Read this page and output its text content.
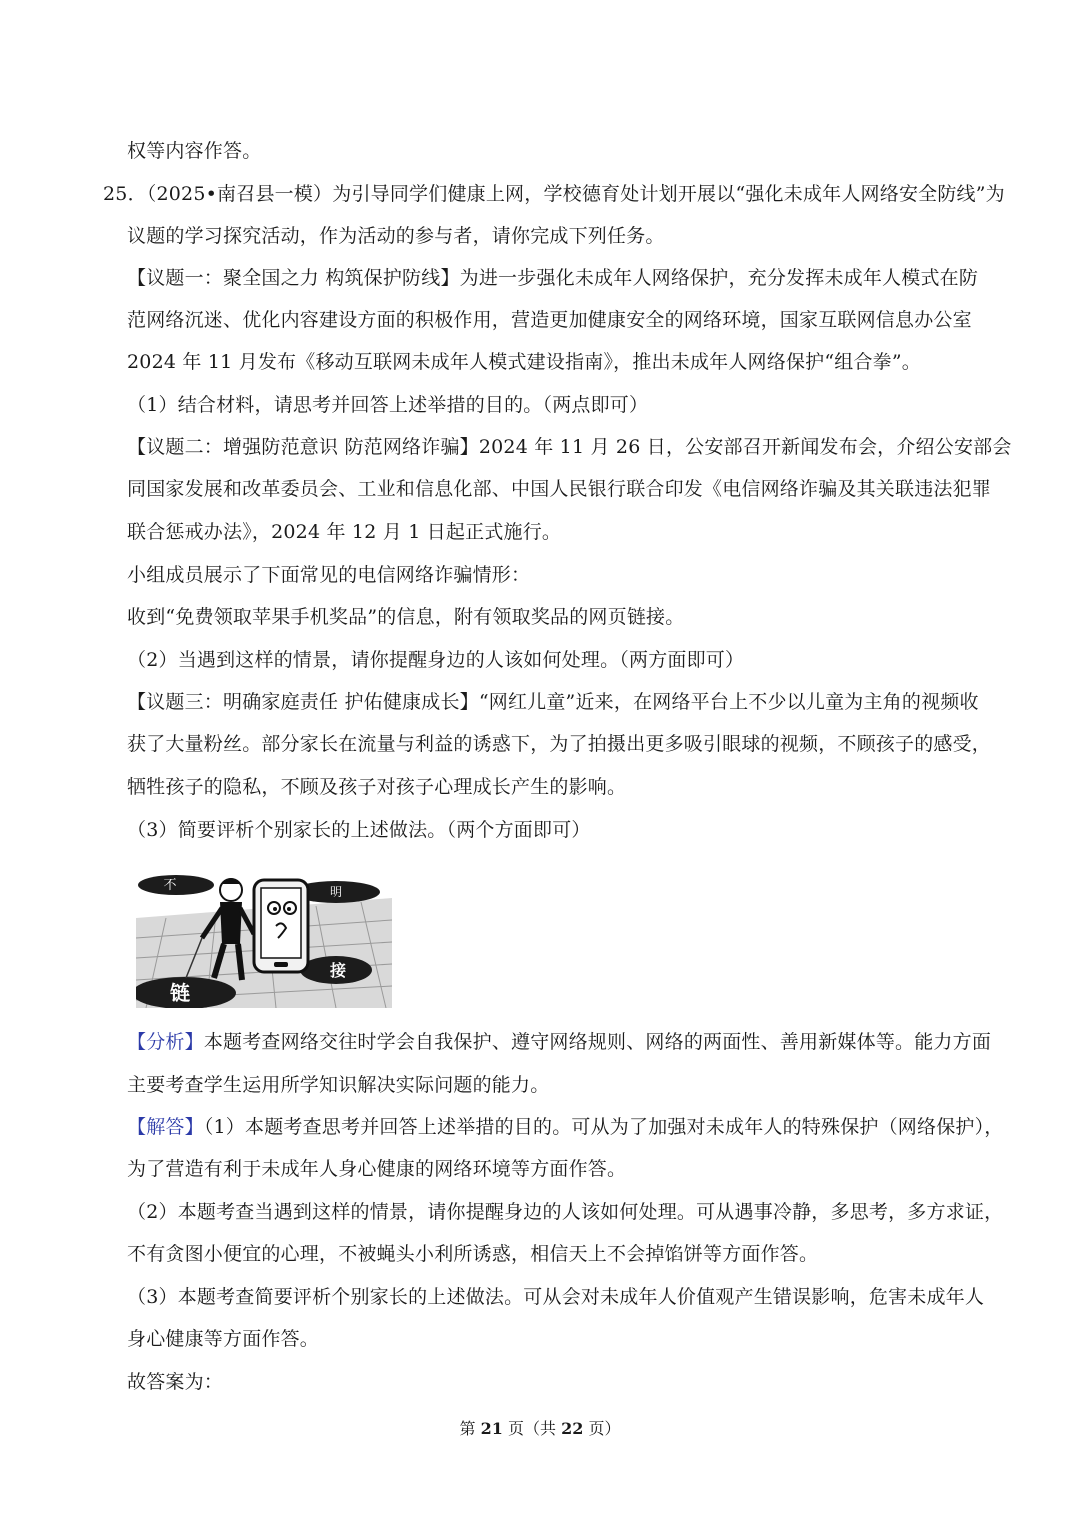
权等内容作答。
25．（2025•南召县一模）为引导同学们健康上网，学校德育处计划开展以“强化未成年人网络安全防线”为
议题的学习探究活动，作为活动的参与者，请你完成下列任务。
【议题一：聚全国之力 构筑保护防线】为进一步强化未成年人网络保护，充分发挥未成年人模式在防
范网络沉迷、优化内容建设方面的积极作用，营造更加健康安全的网络环境，国家互联网信息办公室
2024 年 11 月发布《移动互联网未成年人模式建设指南》，推出未成年人网络保护“组合拳”。
（1）结合材料，请思考并回答上述举措的目的。（两点即可）
【议题二：增强防范意识 防范网络诈骗】2024 年 11 月 26 日，公安部召开新闻发布会，介绍公安部会
同国家发展和改革委员会、工业和信息化部、中国人民银行联合印发《电信网络诈骗及其关联违法犯罪
联合惩戒办法》，2024 年 12 月 1 日起正式施行。
小组成员展示了下面常见的电信网络诈骗情形：
收到“免费领取苹果手机奖品”的信息，附有领取奖品的网页链接。
（2）当遇到这样的情景，请你提醒身边的人该如何处理。（两方面即可）
【议题三：明确家庭责任 护佑健康成长】“网红儿童”近来，在网络平台上不少以儿童为主角的视频收
获了大量粉丝。部分家长在流量与利益的诱惑下，为了拍摄出更多吸引眼球的视频，不顾孩子的感受，
牺牲孩子的隐私，不顾及孩子对孩子心理成长产生的影响。
（3）简要评析个别家长的上述做法。（两个方面即可）
不	明
接
链
【分析】本题考查网络交往时学会自我保护、遵守网络规则、网络的两面性、善用新媒体等。能力方面
主要考查学生运用所学知识解决实际问题的能力。
【解答】（1）本题考查思考并回答上述举措的目的。可从为了加强对未成年人的特殊保护（网络保护），
为了营造有利于未成年人身心健康的网络环境等方面作答。
（2）本题考查当遇到这样的情景，请你提醒身边的人该如何处理。可从遇事冷静，多思考，多方求证，
不有贪图小便宜的心理，不被蝇头小利所诱惑，相信天上不会掉馅饼等方面作答。
（3）本题考查简要评析个别家长的上述做法。可从会对未成年人价值观产生错误影响，危害未成年人
身心健康等方面作答。
故答案为：
第 21 页（共 22 页）
